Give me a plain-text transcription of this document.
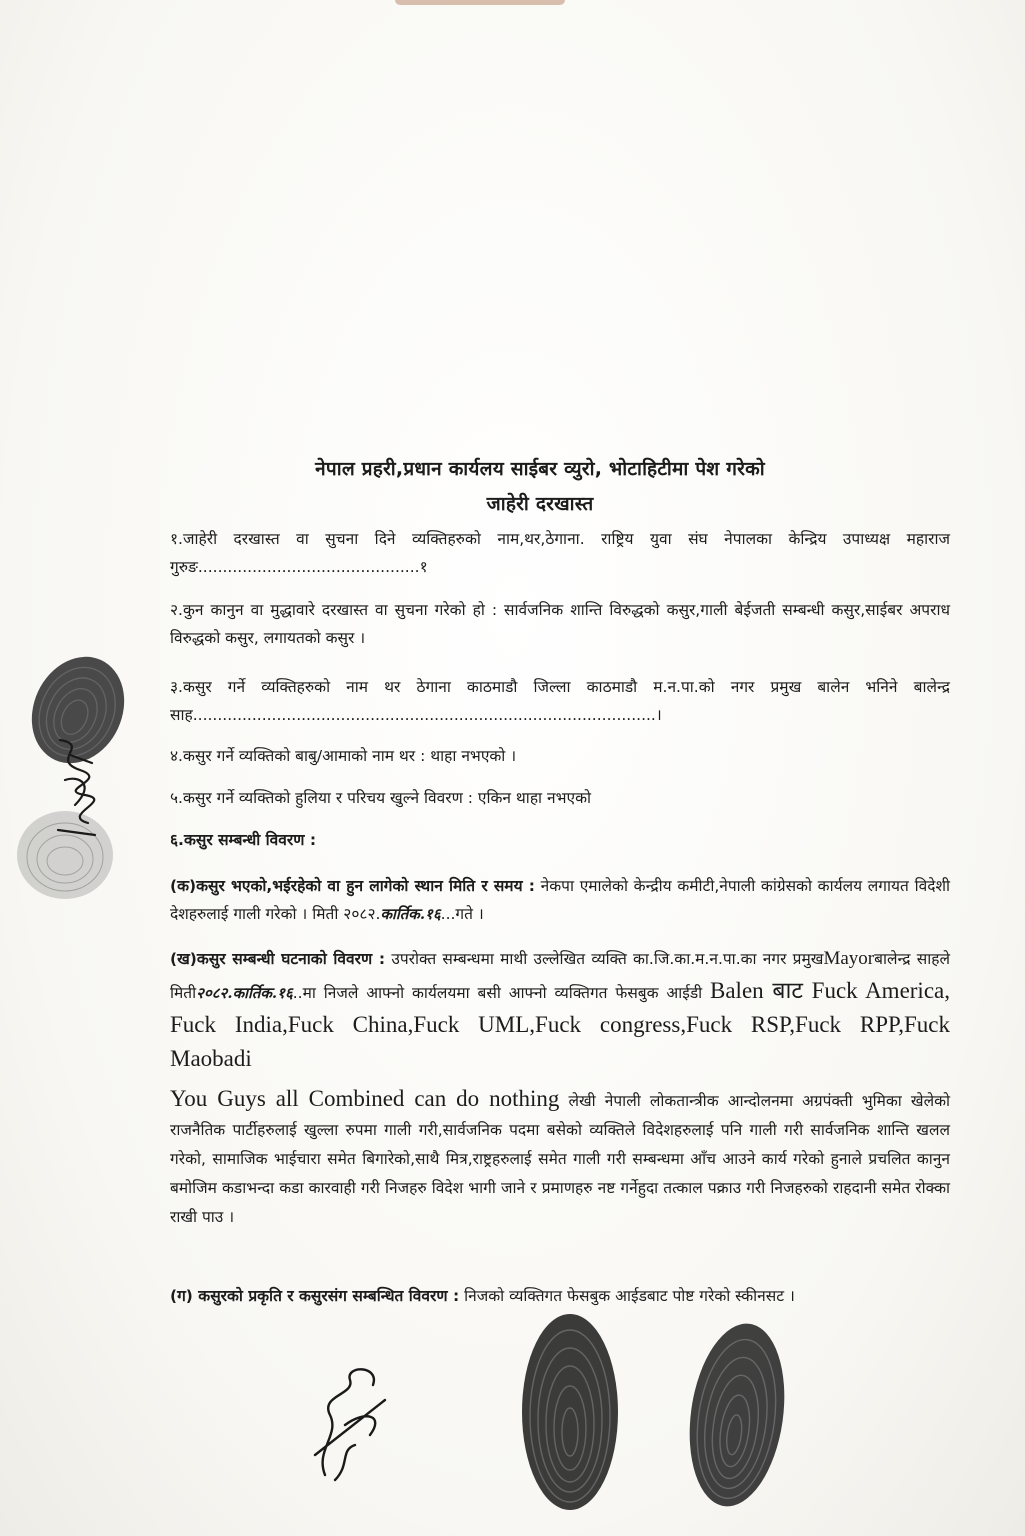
नेपाल प्रहरी,प्रधान कार्यलय साईबर व्युरो, भोटाहिटीमा पेश गरेको
जाहेरी दरखास्त
१.जाहेरी दरखास्त वा सुचना दिने व्यक्तिहरुको नाम,थर,ठेगाना. राष्ट्रिय युवा संघ नेपालका केन्द्रिय उपाध्यक्ष महाराज गुरुङ.............................................१
२.कुन कानुन वा मुद्धावारे दरखास्त वा सुचना गरेको हो : सार्वजनिक शान्ति विरुद्धको कसुर,गाली बेईजती सम्बन्धी कसुर,साईबर अपराध विरुद्धको कसुर, लगायतको कसुर ।
३.कसुर गर्ने व्यक्तिहरुको नाम थर ठेगाना काठमाडौ जिल्ला काठमाडौ म.न.पा.को नगर प्रमुख बालेन भनिने बालेन्द्र साह..............................................................................................।
४.कसुर गर्ने व्यक्तिको बाबु/आमाको नाम थर : थाहा नभएको ।
५.कसुर गर्ने व्यक्तिको हुलिया र परिचय खुल्ने विवरण : एकिन थाहा नभएको
६.कसुर सम्बन्धी विवरण :
(क)कसुर भएको,भईरहेको वा हुन लागेको स्थान मिति र समय : नेकपा एमालेको केन्द्रीय कमीटी,नेपाली कांग्रेसको कार्यलय लगायत विदेशी देशहरुलाई गाली गरेको । मिती २०८२.कार्तिक.१६...गते ।
(ख)कसुर सम्बन्धी घटनाको विवरण : उपरोक्त सम्बन्धमा माथी उल्लेखित व्यक्ति का.जि.का.म.न.पा.का नगर प्रमुखMayorबालेन्द्र साहले मिती२०८२.कार्तिक.१६..मा निजले आफ्नो कार्यलयमा बसी आफ्नो व्यक्तिगत फेसबुक आईडी Balen बाट Fuck America, Fuck India,Fuck China,Fuck UML,Fuck congress,Fuck RSP,Fuck RPP,Fuck Maobadi
You Guys all Combined can do nothing लेखी नेपाली लोकतान्त्रीक आन्दोलनमा अग्रपंक्ती भुमिका खेलेको राजनैतिक पार्टीहरुलाई खुल्ला रुपमा गाली गरी,सार्वजनिक पदमा बसेको व्यक्तिले विदेशहरुलाई पनि गाली गरी सार्वजनिक शान्ति खलल गरेको, सामाजिक भाईचारा समेत बिगारेको,साथै मित्र,राष्ट्रहरुलाई समेत गाली गरी सम्बन्धमा आँच आउने कार्य गरेको हुनाले प्रचलित कानुन बमोजिम कडाभन्दा कडा कारवाही गरी निजहरु विदेश भागी जाने र प्रमाणहरु नष्ट गर्नेहुदा तत्काल पक्राउ गरी निजहरुको राहदानी समेत रोक्का राखी पाउ ।
(ग) कसुरको प्रकृति र कसुरसंग सम्बन्धित विवरण : निजको व्यक्तिगत फेसबुक आईडबाट पोष्ट गरेको स्कीनसट ।
